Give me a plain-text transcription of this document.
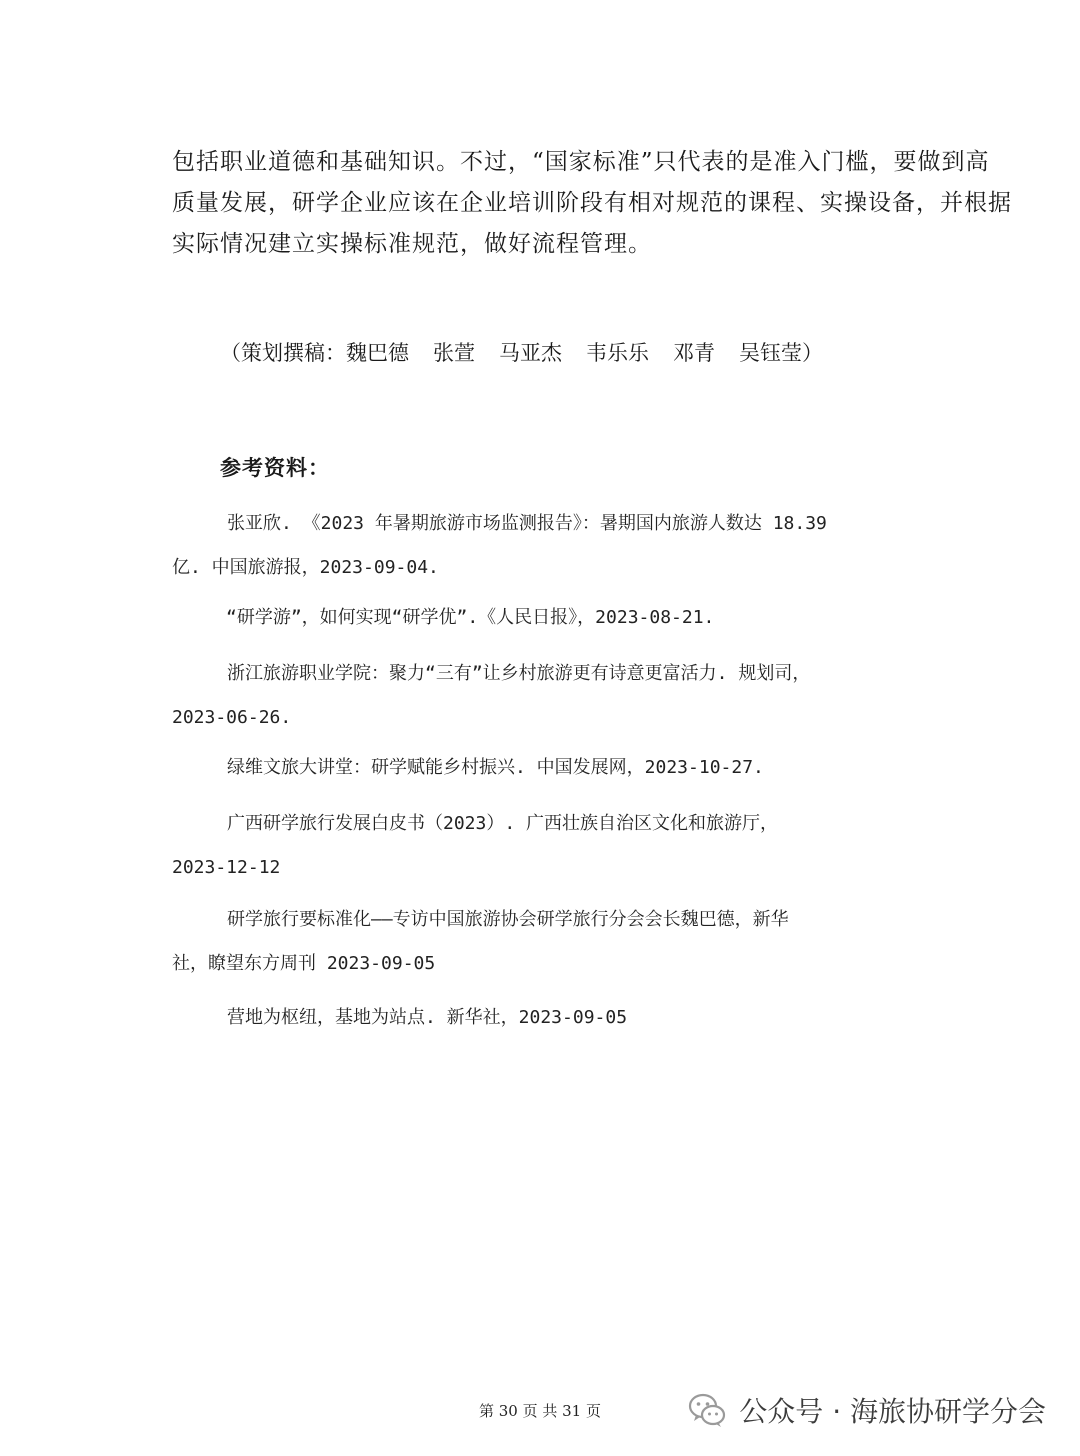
包括职业道德和基础知识。不过，“国家标准”只代表的是准入门槛，要做到高
质量发展，研学企业应该在企业培训阶段有相对规范的课程、实操设备，并根据
实际情况建立实操标准规范，做好流程管理。

（策划撰稿：魏巴德 张萱 马亚杰 韦乐乐 邓青 吴钰莹）

参考资料：

张亚欣. 《2023 年暑期旅游市场监测报告》：暑期国内旅游人数达 18.39
亿. 中国旅游报，2023-09-04.
“研学游”，如何实现“研学优”.《人民日报》，2023-08-21.
浙江旅游职业学院：聚力“三有”让乡村旅游更有诗意更富活力. 规划司，
2023-06-26.
绿维文旅大讲堂：研学赋能乡村振兴. 中国发展网，2023-10-27.
广西研学旅行发展白皮书（2023）. 广西壮族自治区文化和旅游厅，
2023-12-12
研学旅行要标准化——专访中国旅游协会研学旅行分会会长魏巴德，新华
社，瞭望东方周刊 2023-09-05
营地为枢纽，基地为站点. 新华社，2023-09-05

第 30 页 共 31 页	公众号 · 海旅协研学分会
